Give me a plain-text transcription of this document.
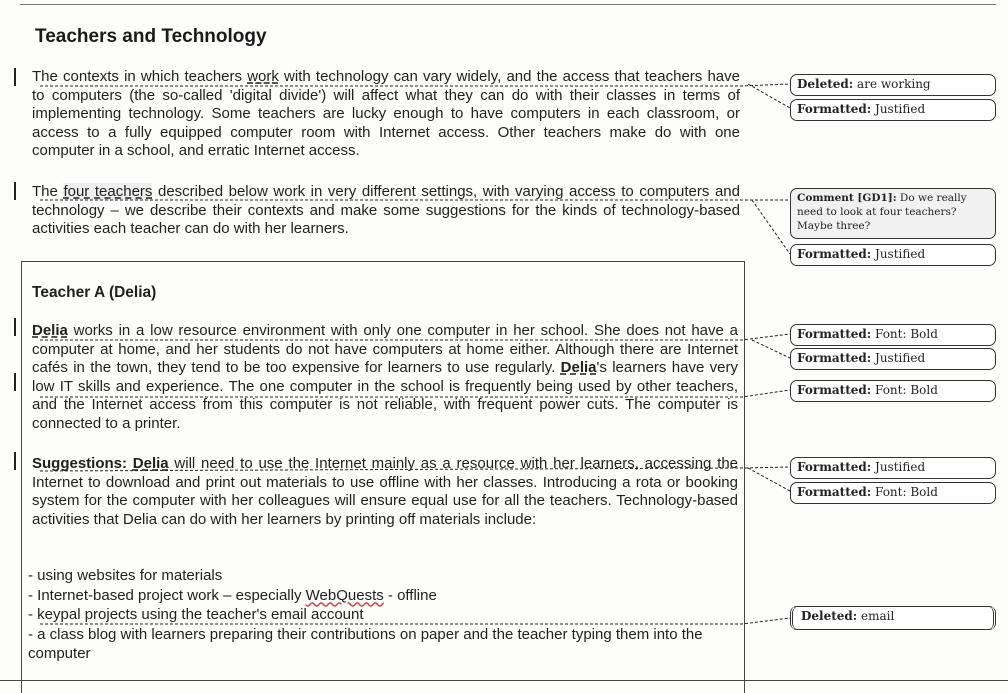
Teachers and Technology

The contexts in which teachers work with technology can vary widely, and the access that teachers have to computers (the so-called 'digital divide') will affect what they can do with their classes in terms of implementing technology. Some teachers are lucky enough to have computers in each classroom, or access to a fully equipped computer room with Internet access. Other teachers make do with one computer in a school, and erratic Internet access.

The four teachers described below work in very different settings, with varying access to computers and technology – we describe their contexts and make some suggestions for the kinds of technology-based activities each teacher can do with her learners.

Teacher A (Delia)

Delia works in a low resource environment with only one computer in her school. She does not have a computer at home, and her students do not have computers at home either. Although there are Internet cafés in the town, they tend to be too expensive for learners to use regularly. Delia's learners have very low IT skills and experience. The one computer in the school is frequently being used by other teachers, and the Internet access from this computer is not reliable, with frequent power cuts. The computer is connected to a printer.

Suggestions: Delia will need to use the Internet mainly as a resource with her learners, accessing the Internet to download and print out materials to use offline with her classes. Introducing a rota or booking system for the computer with her colleagues will ensure equal use for all the teachers. Technology-based activities that Delia can do with her learners by printing off materials include:

- using websites for materials
- Internet-based project work – especially WebQuests - offline
- keypal projects using the teacher's email account
- a class blog with learners preparing their contributions on paper and the teacher typing them into the computer
Deleted: are working
Formatted: Justified
Comment [GD1]: Do we really need to look at four teachers? Maybe three?
Formatted: Justified
Formatted: Font: Bold
Formatted: Justified
Formatted: Font: Bold
Formatted: Justified
Formatted: Font: Bold
Deleted: email
